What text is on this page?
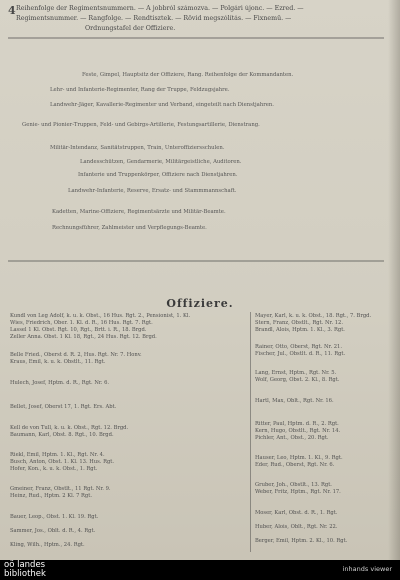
4 Reihenfolge der Regimentsnummern. — A jobbról számozva. — Polgári újonc. — Ezred. —
Regimentsnummer. — Rangfolge. — Rendtisztek. — Rövid megszólítás. — Fixnemű. —
Ordnungstafel der Offiziere.
Feste, Gimpel, Hauptsitz der Offiziere, Rang. Reihenfolge der Kommandanten.
Lehr- und Infanterie-Regimenter, Rang der Truppe, Feldzugsjahre.
Landwehr-Jäger, Kavallerie-Regimenter und Verband, eingeteilt nach Dienstjahren.
Genie- und Pionier-Truppen, Feld- und Gebirgs-Artillerie, Festungsartillerie, Dienstrang.
Militär-Intendanz, Sanitätstruppen, Train, Unteroffiziersschulen.
Landesschützen, Gendarmerie, Militärgeistliche, Auditoren.
Infanterie und Truppenkörper, Offiziere nach Dienstjahren.
Landwehr-Infanterie, Reserve, Ersatz- und Stammmannschaft.
Kadetten, Marine-Offiziere, Regimentsärzte und Militär-Beamte.
Rechnungsführer, Zahlmeister und Verpflegungs-Beamte.
Offiziere.
Kundl von Leg Adolf, k. u. k. Obst., 16 Hus. Rgt. 2., Pensionist, 1. Kl.
Wies, Friedrich, Ober. 1. Kl. d. R., 16 Hus. Rgt. 7. Rgt.
Lassel 1 Kl. Obst. Rgt. 10, Rgt., Brtt. i. R., 18. Brgd.
Zeller Anna. Obst. 1 Kl. 18, Rgt., 24 Hus. Rgt. 12. Brgd.
Belle Fried., Oberst d. R. 2, Hus. Rgt. Nr. 7. Honv.
Kraus, Emil, k. u. k. Obstlt., 11. Rgt.
Hulech, Josef, Hptm. d. R., Rgt. Nr. 6.
Bellet, Josef, Oberst 17, 1. Rgt. Ers. Abt.
Kell de von Tull, k. u. k. Obst., Rgt. 12. Brgd.
Baumann, Karl, Obst. 8. Rgt., 10. Brgd.
Riekl, Emil, Hptm. 1. Kl., Rgt. Nr. 4.
Busch, Anton, Obst. 1. Kl. 13. Hus. Rgt.
Hofer, Kon., k. u. k. Obst., 1. Rgt.
Gmeiner, Franz, Obstlt., 11 Rgt. Nr. 9.
Heinz, Rud., Hptm. 2 Kl. 7 Rgt.
Bauer, Leop., Obst. 1. Kl. 19. Rgt.
Sammer, Jos., Oblt. d. R., 4. Rgt.
Kling, Wilh., Hptm., 24. Rgt.
Mayer, Karl, k. u. k. Obst., 18. Rgt., 7. Brgd.
Stern, Franz, Obstlt., Rgt. Nr. 12.
Brandl, Alois, Hptm. 1. Kl., 3. Rgt.
Rainer, Otto, Oberst, Rgt. Nr. 21.
Fischer, Jul., Obstlt. d. R., 11. Rgt.
Lang, Ernst, Hptm., Rgt. Nr. 5.
Wolf, Georg, Obst. 2. Kl., 8. Rgt.
Hartl, Max, Oblt., Rgt. Nr. 16.
Ritter, Paul, Hptm. d. R., 2. Rgt.
Kern, Hugo, Obstlt., Rgt. Nr. 14.
Pichler, Ant., Obst., 20. Rgt.
Hauser, Leo, Hptm. 1. Kl., 9. Rgt.
Eder, Rud., Oberst, Rgt. Nr. 6.
Gruber, Joh., Obstlt., 13. Rgt.
Weber, Fritz, Hptm., Rgt. Nr. 17.
Moser, Karl, Obst. d. R., 1. Rgt.
Huber, Alois, Oblt., Rgt. Nr. 22.
Berger, Emil, Hptm. 2. Kl., 10. Rgt.
oö landes
bibliothek	inhands viewer
